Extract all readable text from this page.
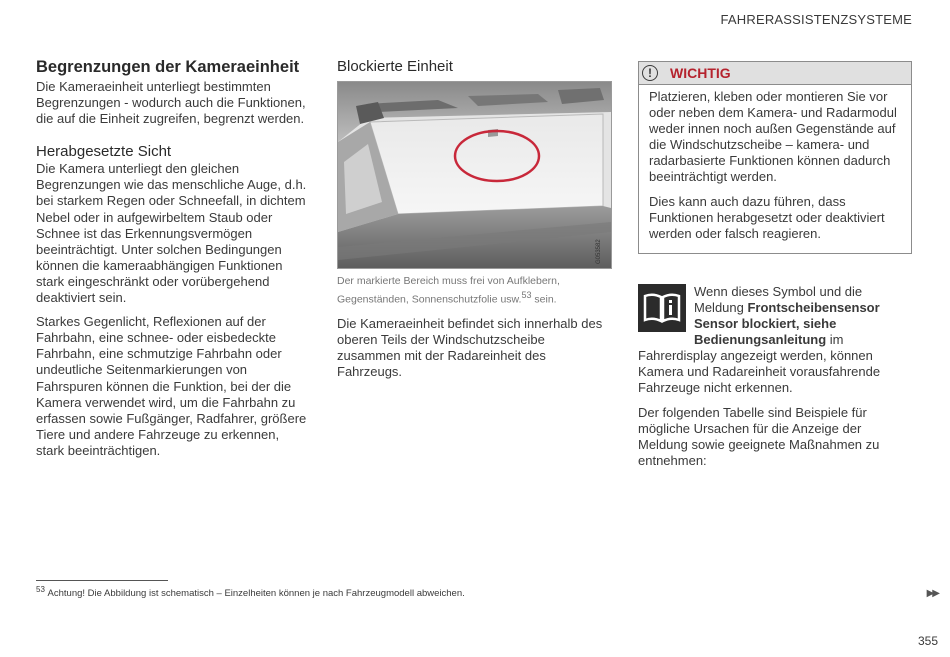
FAHRERASSISTENZSYSTEME
Begrenzungen der Kameraeinheit

Die Kameraeinheit unterliegt bestimmten Begrenzungen - wodurch auch die Funktionen, die auf die Einheit zugreifen, begrenzt werden.

Herabgesetzte Sicht

Die Kamera unterliegt den gleichen Begrenzungen wie das menschliche Auge, d.h. bei starkem Regen oder Schneefall, in dichtem Nebel oder in aufgewirbeltem Staub oder Schnee ist das Erkennungsvermögen beeinträchtigt. Unter solchen Bedingungen können die kameraabhängigen Funktionen stark eingeschränkt oder vorübergehend deaktiviert sein.

Starkes Gegenlicht, Reflexionen auf der Fahrbahn, eine schnee- oder eisbedeckte Fahrbahn, eine schmutzige Fahrbahn oder undeutliche Seitenmarkierungen von Fahrspuren können die Funktion, bei der die Kamera verwendet wird, um die Fahrbahn zu erfassen sowie Fußgänger, Radfahrer, größere Tiere und andere Fahrzeuge zu erkennen, stark beeinträchtigen.

Blockierte Einheit
G053582
Der markierte Bereich muss frei von Aufklebern, Gegenständen, Sonnenschutzfolie usw.$^{53}$ sein.

Die Kameraeinheit befindet sich innerhalb des oberen Teils der Windschutzscheibe zusammen mit der Radareinheit des Fahrzeugs.

!	WICHTIG

Platzieren, kleben oder montieren Sie vor oder neben dem Kamera- und Radarmodul weder innen noch außen Gegenstände auf die Windschutzscheibe – kamera- und radarbasierte Funktionen können dadurch beeinträchtigt werden.

Dies kann auch dazu führen, dass Funktionen herabgesetzt oder deaktiviert werden oder falsch reagieren.

Wenn dieses Symbol und die Meldung Frontscheibensensor Sensor blockiert, siehe Bedienungsanleitung im Fahrerdisplay angezeigt werden, können Kamera und Radareinheit vorausfahrende Fahrzeuge nicht erkennen.

Der folgenden Tabelle sind Beispiele für mögliche Ursachen für die Anzeige der Meldung sowie geeignete Maßnahmen zu entnehmen:

$^{53}$ Achtung! Die Abbildung ist schematisch – Einzelheiten können je nach Fahrzeugmodell abweichen.	▶▶
355
